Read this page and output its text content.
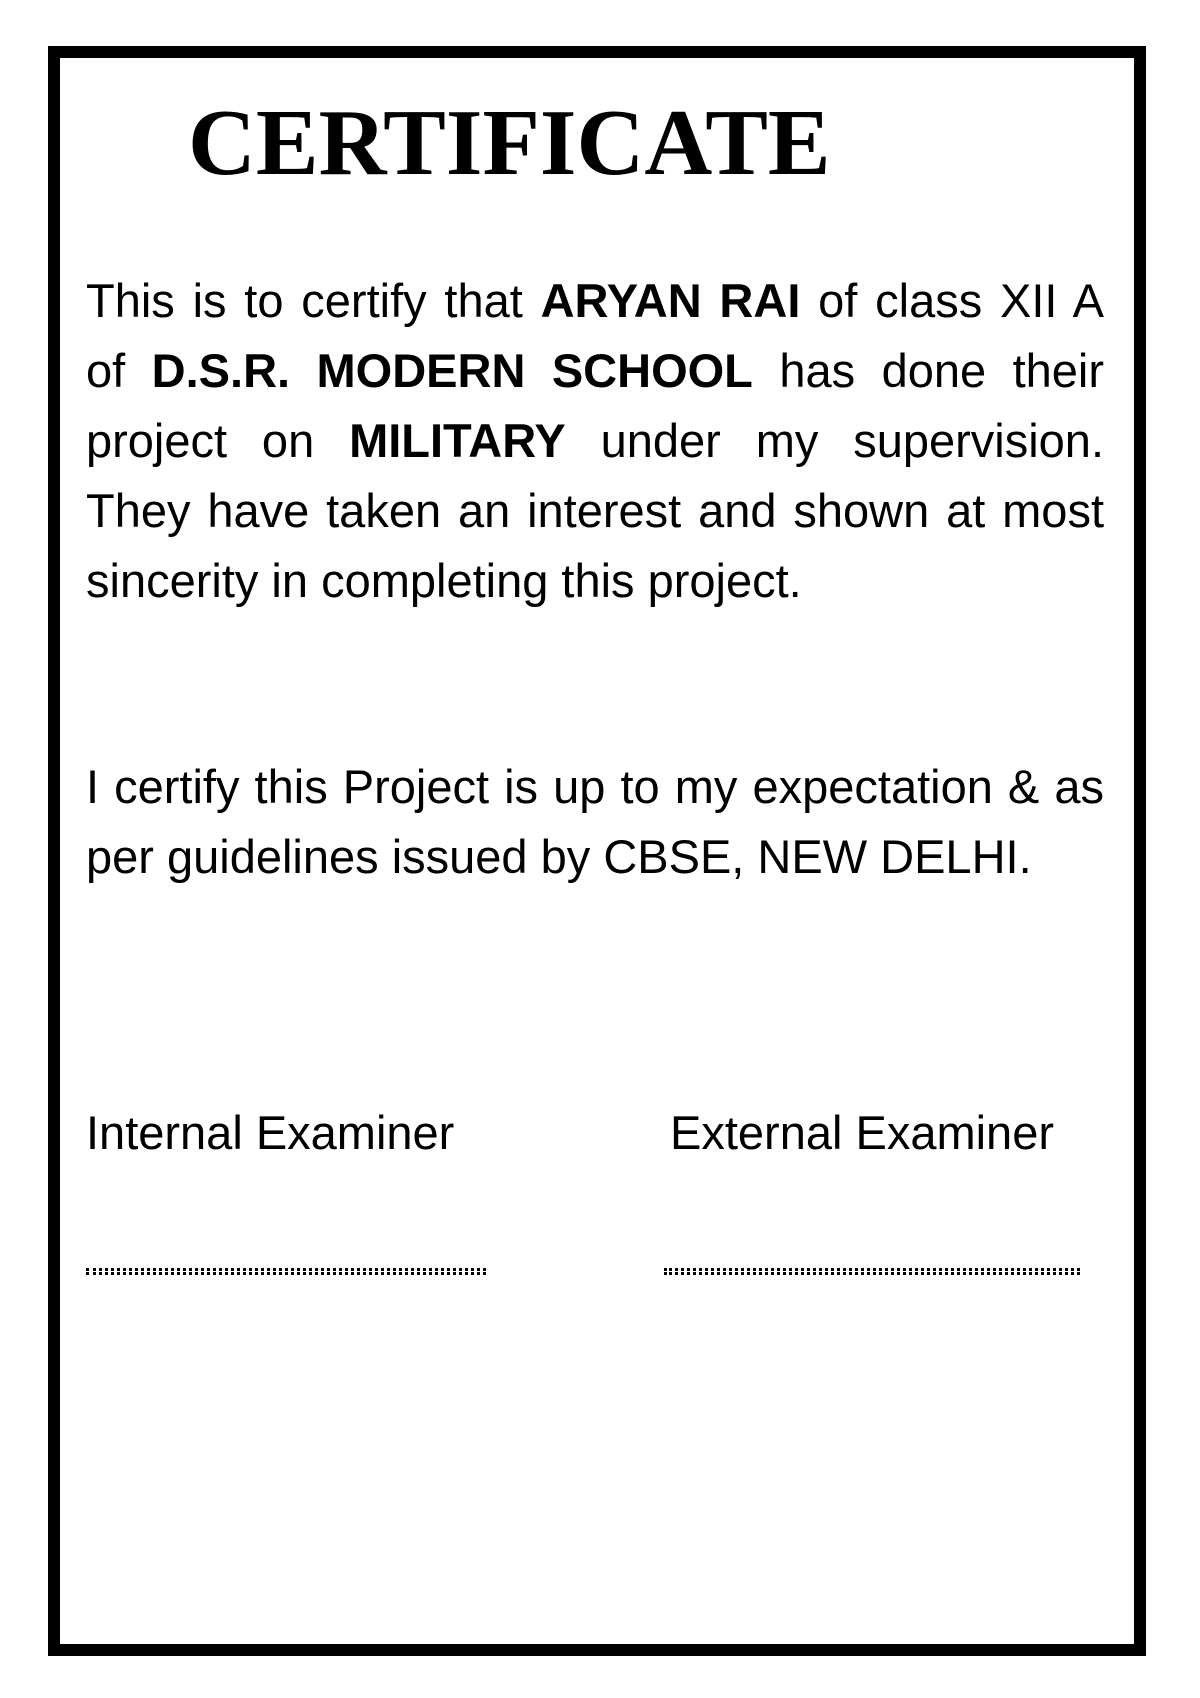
CERTIFICATE

This is to certify that ARYAN RAI of class XII A of D.S.R. MODERN SCHOOL has done their project on MILITARY under my supervision. They have taken an interest and shown at most sincerity in completing this project.

I certify this Project is up to my expectation & as per guidelines issued by CBSE, NEW DELHI.

Internal Examiner	External Examiner
